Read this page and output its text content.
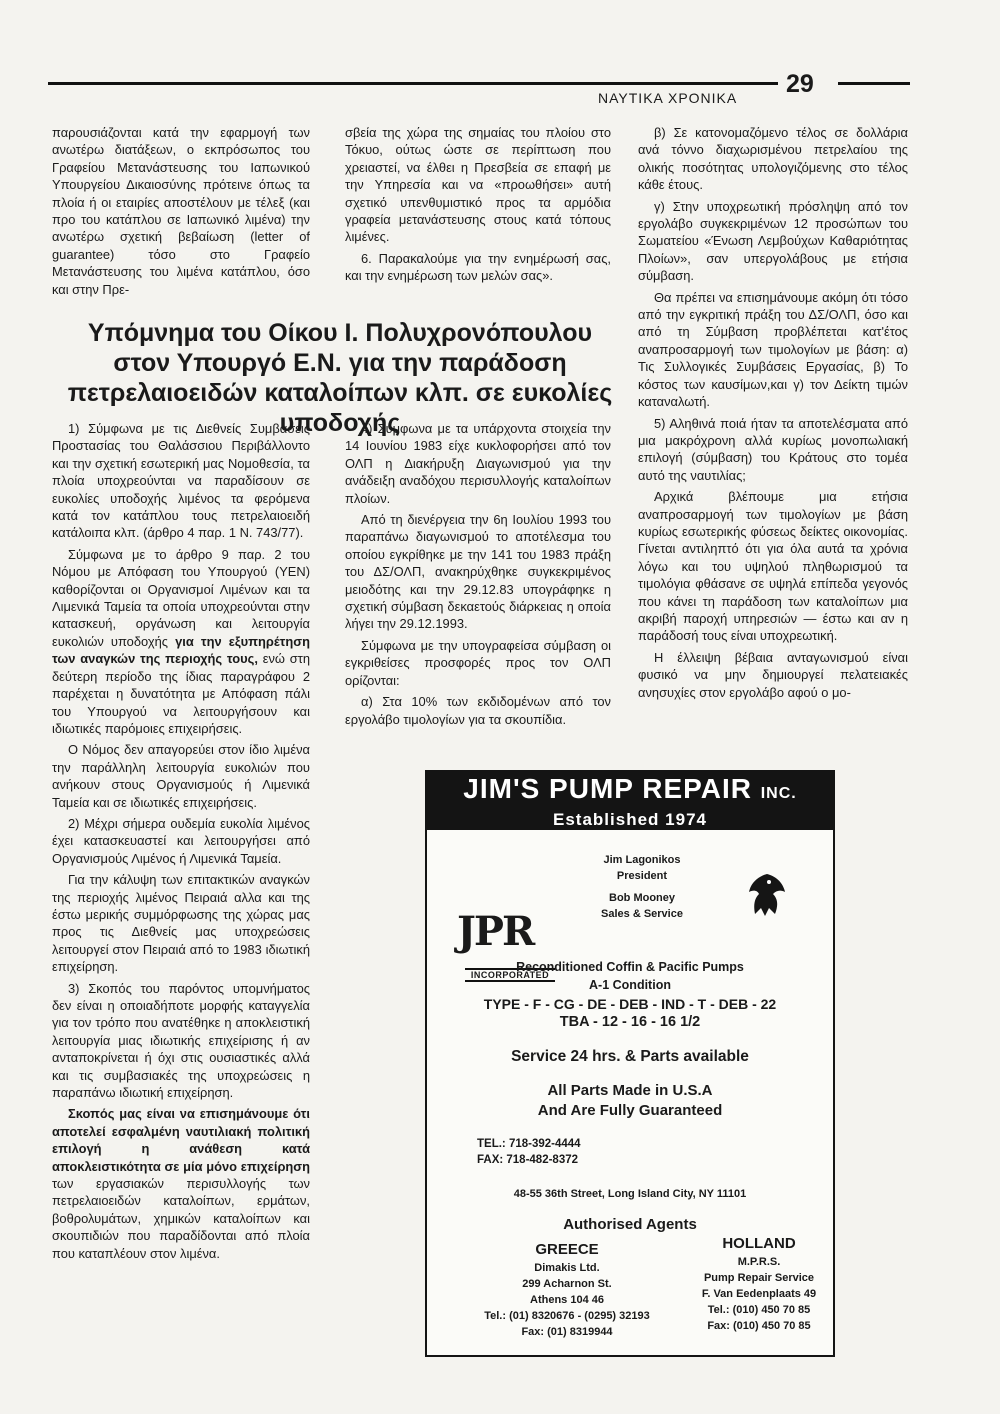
29
ΝΑΥΤΙΚΑ ΧΡΟΝΙΚΑ

παρουσιάζονται κατά την εφαρμογή των ανωτέρω διατάξεων, ο εκπρόσωπος του Γραφείου Μετανάστευσης του Ιαπωνικού Υπουργείου Δικαιοσύνης πρότεινε όπως τα πλοία ή οι εταιρίες αποστέλουν με τέλεξ (και προ του κατάπλου σε Ιαπωνικό λιμένα) την ανωτέρω σχετική βεβαίωση (letter of guarantee) τόσο στο Γραφείο Μετανάστευσης του λιμένα κατάπλου, όσο και στην Πρε-

σβεία της χώρα της σημαίας του πλοίου στο Τόκυο, ούτως ώστε σε περίπτωση που χρειαστεί, να έλθει η Πρεσβεία σε επαφή με την Υπηρεσία και να «προωθήσει» αυτή σχετικό υπενθυμιστικό προς τα αρμόδια γραφεία μετανάστευσης στους κατά τόπους λιμένες.

6. Παρακαλούμε για την ενημέρωσή σας, και την ενημέρωση των μελών σας».

Υπόμνημα του Οίκου Ι. Πολυχρονόπουλου στον Υπουργό Ε.Ν. για την παράδοση πετρελαιοειδών καταλοίπων κλπ. σε ευκολίες υποδοχής

1) Σύμφωνα με τις Διεθνείς Συμβάσεις Προστασίας του Θαλάσσιου Περιβάλλοντο και την σχετική εσωτερική μας Νομοθεσία, τα πλοία υποχρεούνται να παραδίσουν σε ευκολίες υποδοχής λιμένος τα φερόμενα κατά τον κατάπλου τους πετρελαιοειδή κατάλοιπα κλπ. (άρθρο 4 παρ. 1 Ν. 743/77).

Σύμφωνα με το άρθρο 9 παρ. 2 του Νόμου με Απόφαση του Υπουργού (ΥΕΝ) καθορίζονται οι Οργανισμοί Λιμένων και τα Λιμενικά Ταμεία τα οποία υποχρεούνται στην κατασκευή, οργάνωση και λειτουργία ευκολιών υποδοχής για την εξυπηρέτηση των αναγκών της περιοχής τους, ενώ στη δεύτερη περίοδο της ίδιας παραγράφου 2 παρέχεται η δυνατότητα με Απόφαση πάλι του Υπουργού να λειτουργήσουν και ιδιωτικές παρόμοιες επιχειρήσεις.

Ο Νόμος δεν απαγορεύει στον ίδιο λιμένα την παράλληλη λειτουργία ευκολιών που ανήκουν στους Οργανισμούς ή Λιμενικά Ταμεία και σε ιδιωτικές επιχειρήσεις.

2) Μέχρι σήμερα ουδεμία ευκολία λιμένος έχει κατασκευαστεί και λειτουργήσει από Οργανισμούς Λιμένος ή Λιμενικά Ταμεία.

Για την κάλυψη των επιτακτικών αναγκών της περιοχής λιμένος Πειραιά αλλα και της έστω μερικής συμμόρφωσης της χώρας μας προς τις Διεθνείς μας υποχρεώσεις λειτουργεί στον Πειραιά από το 1983 ιδιωτική επιχείρηση.

3) Σκοπός του παρόντος υπομνήματος δεν είναι η οποιαδήποτε μορφής καταγγελία για τον τρόπο που ανατέθηκε η αποκλειστική λειτουργία μιας ιδιωτικής επιχείρισης ή αν ανταποκρίνεται ή όχι στις ουσιαστικές αλλά και τις συμβασιακές της υποχρεώσεις η παραπάνω ιδιωτική επιχείρηση.

Σκοπός μας είναι να επισημάνουμε ότι αποτελεί εσφαλμένη ναυτιλιακή πολιτική επιλογή η ανάθεση κατά αποκλειστικότητα σε μία μόνο επιχείρηση των εργασιακών περισυλλογής των πετρελαιοειδών καταλοίπων, ερμάτων, βοθρολυμάτων, χημικών καταλοίπων και σκουπιδιών που παραδίδονται από πλοία που καταπλέουν στον λιμένα.

4) Σύμφωνα με τα υπάρχοντα στοιχεία την 14 Ιουνίου 1983 είχε κυκλοφορήσει από τον ΟΛΠ η Διακήρυξη Διαγωνισμού για την ανάδειξη αναδόχου περισυλλογής καταλοίπων πλοίων.

Από τη διενέργεια την 6η Ιουλίου 1993 του παραπάνω διαγωνισμού το αποτέλεσμα του οποίου εγκρίθηκε με την 141 του 1983 πράξη του ΔΣ/ΟΛΠ, ανακηρύχθηκε συγκεκριμένος μειοδότης και την 29.12.83 υπογράφηκε η σχετική σύμβαση δεκαετούς διάρκειας η οποία λήγει την 29.12.1993.

Σύμφωνα με την υπογραφείσα σύμβαση οι εγκριθείσες προσφορές προς τον ΟΛΠ ορίζονται:

α) Στα 10% των εκδιδομένων από τον εργολάβο τιμολογίων για τα σκουπίδια.

β) Σε κατονομαζόμενο τέλος σε δολλάρια ανά τόννο διαχωρισμένου πετρελαίου της ολικής ποσότητας υπολογιζόμενης στο τέλος κάθε έτους.

γ) Στην υποχρεωτική πρόσληψη από τον εργολάβο συγκεκριμένων 12 προσώπων του Σωματείου «Ένωση Λεμβούχων Καθαριότητας Πλοίων», σαν υπεργολάβους με ετήσια σύμβαση.

Θα πρέπει να επισημάνουμε ακόμη ότι τόσο από την εγκριτική πράξη του ΔΣ/ΟΛΠ, όσο και από τη Σύμβαση προβλέπεται κατ'έτος αναπροσαρμογή των τιμολογίων με βάση: α) Τις Συλλογικές Συμβάσεις Εργασίας, β) Το κόστος των καυσίμων,και γ) τον Δείκτη τιμών καταναλωτή.

5) Αληθινά ποιά ήταν τα αποτελέσματα από μια μακρόχρονη αλλά κυρίως μονοπωλιακή επιλογή (σύμβαση) του Κράτους στο τομέα αυτό της ναυτιλίας;

Αρχικά βλέπουμε μια ετήσια αναπροσαρμογή των τιμολογίων με βάση κυρίως εσωτερικής φύσεως δείκτες οικονομίας. Γίνεται αντιληπτό ότι για όλα αυτά τα χρόνια λόγω και του υψηλού πληθωρισμού τα τιμολόγια φθάσανε σε υψηλά επίπεδα γεγονός που κάνει τη παράδοση των καταλοίπων μια ακριβή παροχή υπηρεσιών — έστω και αν η παράδοσή τους είναι υποχρεωτική.

Η έλλειψη βέβαια ανταγωνισμού είναι φυσικό να μην δημιουργεί πελατειακές ανησυχίες στον εργολάβο αφού ο μο-

JIM'S PUMP REPAIR INC.
Established 1974
JPR
INCORPORATED
Jim Lagonikos
President
Bob Mooney
Sales & Service
Reconditioned Coffin & Pacific Pumps
A-1 Condition
TYPE - F - CG - DE - DEB - IND - T - DEB - 22
TBA - 12 - 16 - 16 1/2
Service 24 hrs. & Parts available
All Parts Made in U.S.A
And Are Fully Guaranteed
TEL.: 718-392-4444
FAX: 718-482-8372
48-55 36th Street, Long Island City, NY 11101
Authorised Agents
GREECE
Dimakis Ltd.
299 Acharnon St.
Athens 104 46
Tel.: (01) 8320676 - (0295) 32193
Fax: (01) 8319944
HOLLAND
M.P.R.S.
Pump Repair Service
F. Van Eedenplaats 49
Tel.: (010) 450 70 85
Fax: (010) 450 70 85
